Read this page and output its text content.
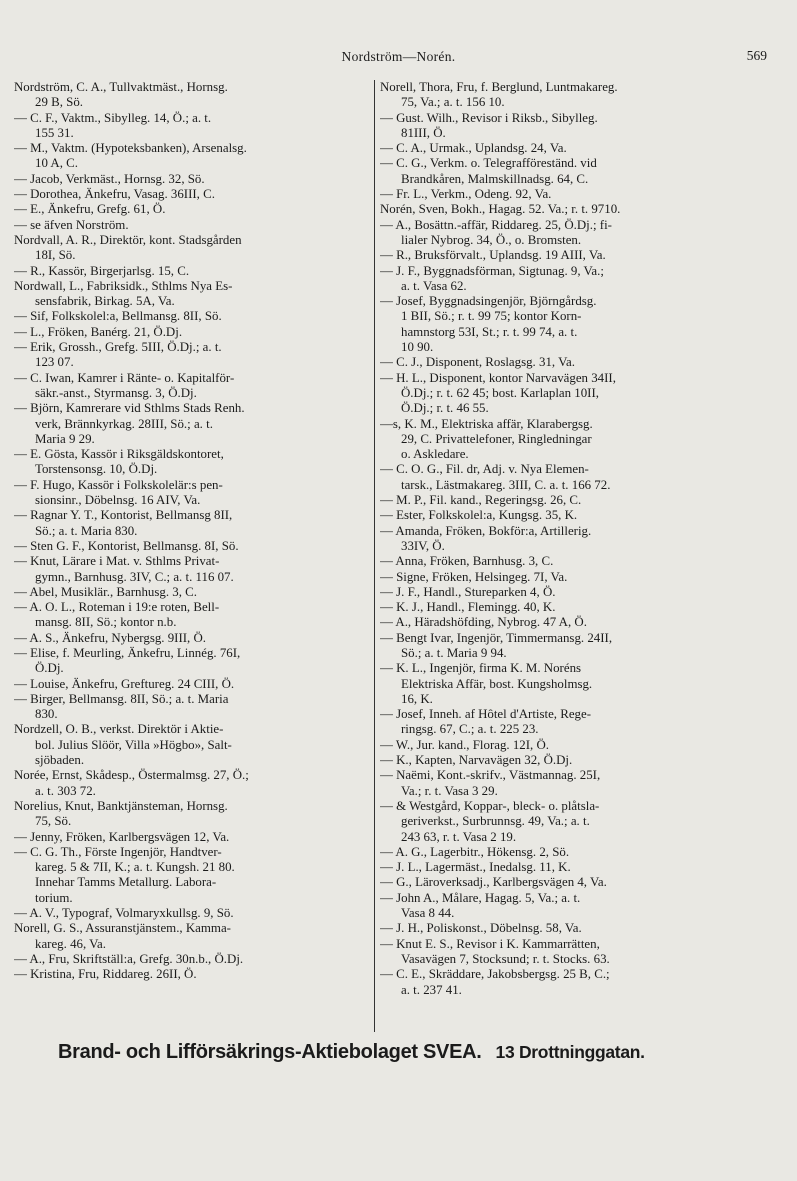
Nordström—Norén.	569
Nordström, C. A., Tullvaktmäst., Hornsg.
29 B, Sö.
— C. F., Vaktm., Sibylleg. 14, Ö.; a. t.
155 31.
— M., Vaktm. (Hypoteksbanken), Arsenalsg.
10 A, C.
— Jacob, Verkmäst., Hornsg. 32, Sö.
— Dorothea, Änkefru, Vasag. 36III, C.
— E., Änkefru, Grefg. 61, Ö.
— se äfven Norström.
Nordvall, A. R., Direktör, kont. Stadsgården
18I, Sö.
— R., Kassör, Birgerjarlsg. 15, C.
Nordwall, L., Fabriksidk., Sthlms Nya Es-
sensfabrik, Birkag. 5A, Va.
— Sif, Folkskolel:a, Bellmansg. 8II, Sö.
— L., Fröken, Banérg. 21, Ö.Dj.
— Erik, Grossh., Grefg. 5III, Ö.Dj.; a. t.
123 07.
— C. Iwan, Kamrer i Ränte- o. Kapitalför-
säkr.-anst., Styrmansg. 3, Ö.Dj.
— Björn, Kamrerare vid Sthlms Stads Renh.
verk, Brännkyrkag. 28III, Sö.; a. t.
Maria 9 29.
— E. Gösta, Kassör i Riksgäldskontoret,
Torstensonsg. 10, Ö.Dj.
— F. Hugo, Kassör i Folkskolelär:s pen-
sionsinr., Döbelnsg. 16 AIV, Va.
— Ragnar Y. T., Kontorist, Bellmansg 8II,
Sö.; a. t. Maria 830.
— Sten G. F., Kontorist, Bellmansg. 8I, Sö.
— Knut, Lärare i Mat. v. Sthlms Privat-
gymn., Barnhusg. 3IV, C.; a. t. 116 07.
— Abel, Musiklär., Barnhusg. 3, C.
— A. O. L., Roteman i 19:e roten, Bell-
mansg. 8II, Sö.; kontor n.b.
— A. S., Änkefru, Nybergsg. 9III, Ö.
— Elise, f. Meurling, Änkefru, Linnég. 76I,
Ö.Dj.
— Louise, Änkefru, Greftureg. 24 CIII, Ö.
— Birger, Bellmansg. 8II, Sö.; a. t. Maria
830.
Nordzell, O. B., verkst. Direktör i Aktie-
bol. Julius Slöör, Villa »Högbo», Salt-
sjöbaden.
Norée, Ernst, Skådesp., Östermalmsg. 27, Ö.;
a. t. 303 72.
Norelius, Knut, Banktjänsteman, Hornsg.
75, Sö.
— Jenny, Fröken, Karlbergsvägen 12, Va.
— C. G. Th., Förste Ingenjör, Handtver-
kareg. 5 & 7II, K.; a. t. Kungsh. 21 80.
Innehar Tamms Metallurg. Labora-
torium.
— A. V., Typograf, Volmaryxkullsg. 9, Sö.
Norell, G. S., Assuranstjänstem., Kamma-
kareg. 46, Va.
— A., Fru, Skriftställ:a, Grefg. 30n.b., Ö.Dj.
— Kristina, Fru, Riddareg. 26II, Ö.
Norell, Thora, Fru, f. Berglund, Luntmakareg.
75, Va.; a. t. 156 10.
— Gust. Wilh., Revisor i Riksb., Sibylleg.
81III, Ö.
— C. A., Urmak., Uplandsg. 24, Va.
— C. G., Verkm. o. Telegrafföreständ. vid
Brandkåren, Malmskillnadsg. 64, C.
— Fr. L., Verkm., Odeng. 92, Va.
Norén, Sven, Bokh., Hagag. 52. Va.; r. t. 9710.
— A., Bosättn.-affär, Riddareg. 25, Ö.Dj.; fi-
lialer Nybrog. 34, Ö., o. Bromsten.
— R., Bruksförvalt., Uplandsg. 19 AIII, Va.
— J. F., Byggnadsförman, Sigtunag. 9, Va.;
a. t. Vasa 62.
— Josef, Byggnadsingenjör, Björngårdsg.
1 BII, Sö.; r. t. 99 75; kontor Korn-
hamnstorg 53I, St.; r. t. 99 74, a. t.
10 90.
— C. J., Disponent, Roslagsg. 31, Va.
— H. L., Disponent, kontor Narvavägen 34II,
Ö.Dj.; r. t. 62 45; bost. Karlaplan 10II,
Ö.Dj.; r. t. 46 55.
—s, K. M., Elektriska affär, Klarabergsg.
29, C. Privattelefoner, Ringledningar
o. Askledare.
— C. O. G., Fil. dr, Adj. v. Nya Elemen-
tarsk., Lästmakareg. 3III, C. a. t. 166 72.
— M. P., Fil. kand., Regeringsg. 26, C.
— Ester, Folkskolel:a, Kungsg. 35, K.
— Amanda, Fröken, Bokför:a, Artillerig.
33IV, Ö.
— Anna, Fröken, Barnhusg. 3, C.
— Signe, Fröken, Helsingeg. 7I, Va.
— J. F., Handl., Stureparken 4, Ö.
— K. J., Handl., Flemingg. 40, K.
— A., Häradshöfding, Nybrog. 47 A, Ö.
— Bengt Ivar, Ingenjör, Timmermansg. 24II,
Sö.; a. t. Maria 9 94.
— K. L., Ingenjör, firma K. M. Noréns
Elektriska Affär, bost. Kungsholmsg.
16, K.
— Josef, Inneh. af Hôtel d'Artiste, Rege-
ringsg. 67, C.; a. t. 225 23.
— W., Jur. kand., Florag. 12I, Ö.
— K., Kapten, Narvavägen 32, Ö.Dj.
— Naëmi, Kont.-skrifv., Västmannag. 25I,
Va.; r. t. Vasa 3 29.
— & Westgård, Koppar-, bleck- o. plåtsla-
geriverkst., Surbrunnsg. 49, Va.; a. t.
243 63, r. t. Vasa 2 19.
— A. G., Lagerbitr., Hökensg. 2, Sö.
— J. L., Lagermäst., Inedalsg. 11, K.
— G., Läroverksadj., Karlbergsvägen 4, Va.
— John A., Målare, Hagag. 5, Va.; a. t.
Vasa 8 44.
— J. H., Poliskonst., Döbelnsg. 58, Va.
— Knut E. S., Revisor i K. Kammarrätten,
Vasavägen 7, Stocksund; r. t. Stocks. 63.
— C. E., Skräddare, Jakobsbergsg. 25 B, C.;
a. t. 237 41.
Brand- och Lifförsäkrings-Aktiebolaget SVEA. 13 Drottninggatan.
